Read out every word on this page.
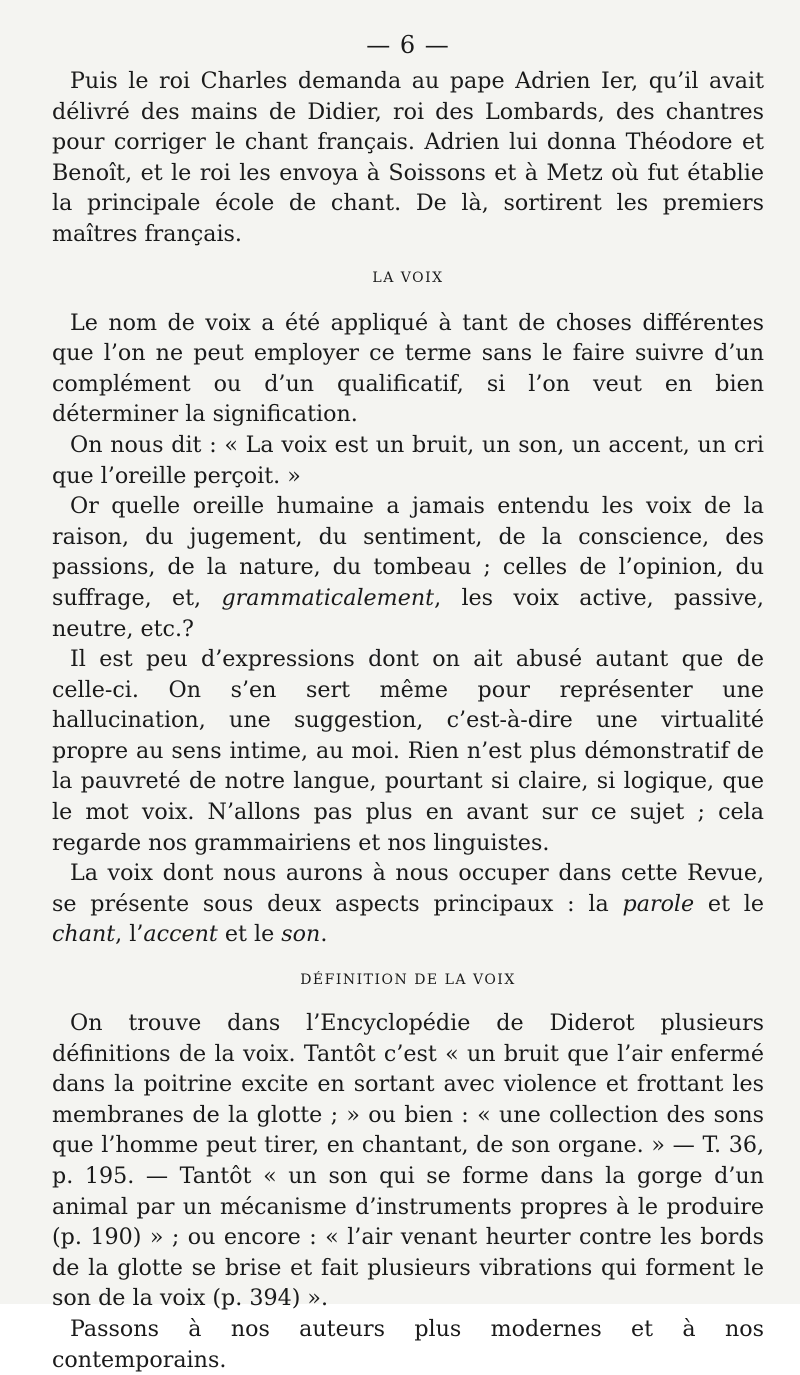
— 6 —

Puis le roi Charles demanda au pape Adrien Ier, qu’il avait délivré des mains de Didier, roi des Lombards, des chantres pour corriger le chant français. Adrien lui donna Théodore et Benoît, et le roi les envoya à Soissons et à Metz où fut établie la principale école de chant. De là, sortirent les premiers maîtres français.

LA VOIX

Le nom de voix a été appliqué à tant de choses différentes que l’on ne peut employer ce terme sans le faire suivre d’un complément ou d’un qualificatif, si l’on veut en bien déterminer la signification.

On nous dit : « La voix est un bruit, un son, un accent, un cri que l’oreille perçoit. »

Or quelle oreille humaine a jamais entendu les voix de la raison, du jugement, du sentiment, de la conscience, des passions, de la nature, du tombeau ; celles de l’opinion, du suffrage, et, grammaticalement, les voix active, passive, neutre, etc.?

Il est peu d’expressions dont on ait abusé autant que de celle-ci. On s’en sert même pour représenter une hallucination, une suggestion, c’est-à-dire une virtualité propre au sens intime, au moi. Rien n’est plus démonstratif de la pauvreté de notre langue, pourtant si claire, si logique, que le mot voix. N’allons pas plus en avant sur ce sujet ; cela regarde nos grammairiens et nos linguistes.

La voix dont nous aurons à nous occuper dans cette Revue, se présente sous deux aspects principaux : la parole et le chant, l’accent et le son.

DÉFINITION DE LA VOIX

On trouve dans l’Encyclopédie de Diderot plusieurs définitions de la voix. Tantôt c’est « un bruit que l’air enfermé dans la poitrine excite en sortant avec violence et frottant les membranes de la glotte ; » ou bien : « une collection des sons que l’homme peut tirer, en chantant, de son organe. » — T. 36, p. 195. — Tantôt « un son qui se forme dans la gorge d’un animal par un mécanisme d’instruments propres à le produire (p. 190) » ; ou encore : « l’air venant heurter contre les bords de la glotte se brise et fait plusieurs vibrations qui forment le son de la voix (p. 394) ».

Passons à nos auteurs plus modernes et à nos contemporains.
